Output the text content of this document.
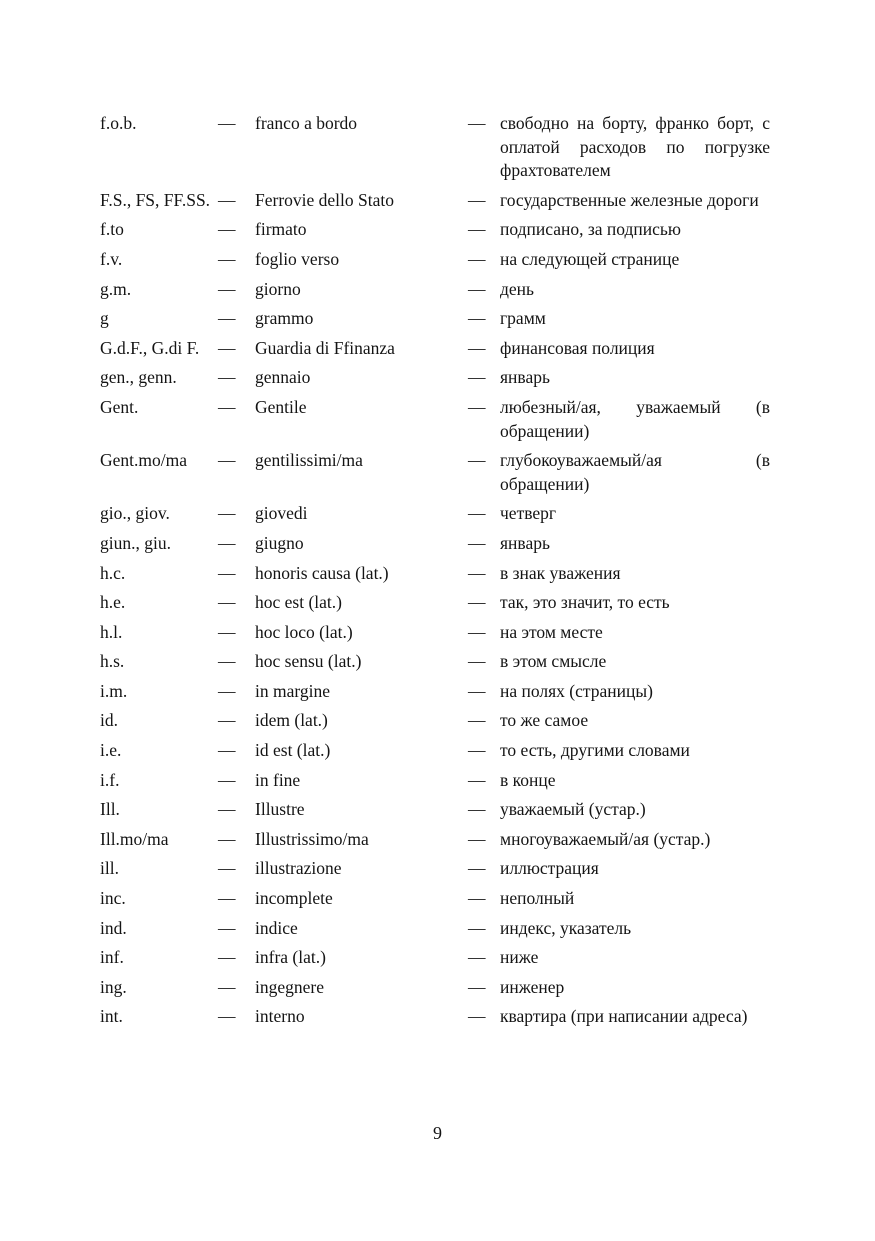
f.o.b.	—	franco a bordo	— свободно на борту, франко борт, с оплатой расходов по погрузке фрахтователем
F.S., FS, FF.SS. —	Ferrovie dello Stato	— государственные железные дороги
f.to	—	firmato	— подписано, за подписью
f.v.	—	foglio verso	— на следующей странице
g.m.	—	giorno	— день
g	—	grammo	— грамм
G.d.F., G.di F.	—	Guardia di Ffinanza	— финансовая полиция
gen., genn.	—	gennaio	— январь
Gent.	—	Gentile	— любезный/ая, уважаемый (в обращении)
Gent.mo/ma	—	gentilissimi/ma	— глубокоуважаемый/ая (в обращении)
gio., giov.	—	giovedi	— четверг
giun., giu.	—	giugno	— январь
h.c.	—	honoris causa (lat.)	— в знак уважения
h.e.	—	hoc est (lat.)	— так, это значит, то есть
h.l.	—	hoc loco (lat.)	— на этом месте
h.s.	—	hoc sensu (lat.)	— в этом смысле
i.m.	—	in margine	— на полях (страницы)
id.	—	idem (lat.)	— то же самое
i.e.	—	id est (lat.)	— то есть, другими словами
i.f.	—	in fine	— в конце
Ill.	—	Illustre	— уважаемый (устар.)
Ill.mo/ma	—	Illustrissimo/ma	— многоуважаемый/ая (устар.)
ill.	—	illustrazione	— иллюстрация
inc.	—	incomplete	— неполный
ind.	—	indice	— индекс, указатель
inf.	—	infra (lat.)	— ниже
ing.	—	ingegnere	— инженер
int.	—	interno	— квартира (при написании адреса)
9
